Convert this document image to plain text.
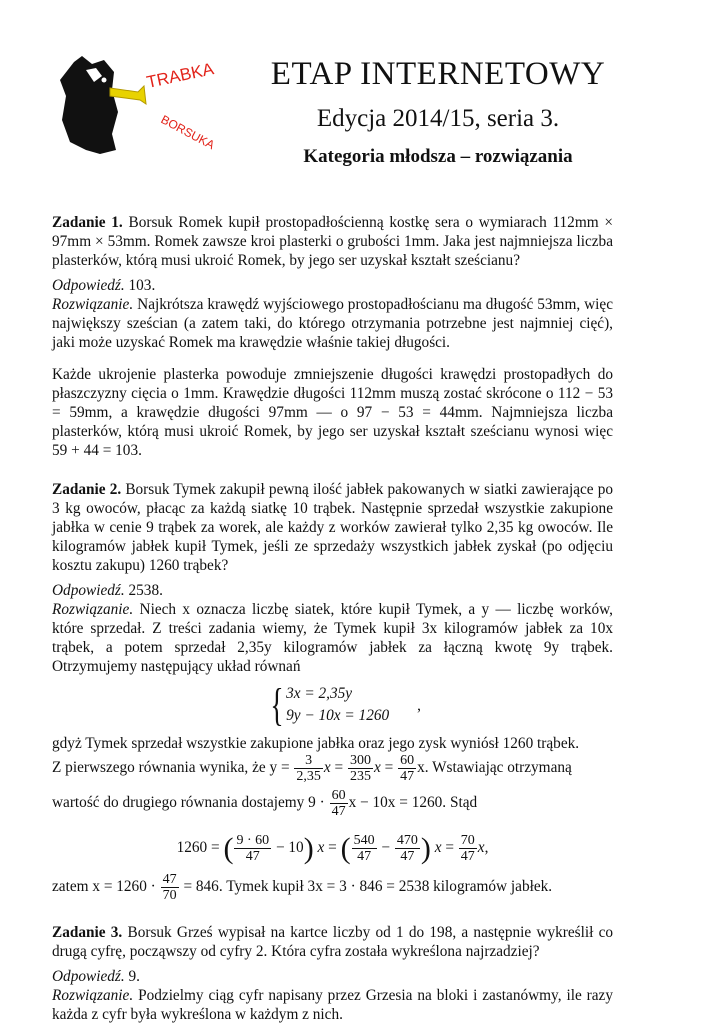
TRABKA
BORSUKA
ETAP INTERNETOWY
Edycja 2014/15, seria 3.
Kategoria młodsza – rozwiązania

Zadanie 1. Borsuk Romek kupił prostopadłościenną kostkę sera o wymiarach 112mm × 97mm × 53mm. Romek zawsze kroi plasterki o grubości 1mm. Jaka jest najmniejsza liczba plasterków, którą musi ukroić Romek, by jego ser uzyskał kształt sześcianu?

Odpowiedź. 103.

Rozwiązanie. Najkrótsza krawędź wyjściowego prostopadłościanu ma długość 53mm, więc największy sześcian (a zatem taki, do którego otrzymania potrzebne jest najmniej cięć), jaki może uzyskać Romek ma krawędzie właśnie takiej długości.

Każde ukrojenie plasterka powoduje zmniejszenie długości krawędzi prostopadłych do płaszczyzny cięcia o 1mm. Krawędzie długości 112mm muszą zostać skrócone o 112 − 53 = 59mm, a krawędzie długości 97mm — o 97 − 53 = 44mm. Najmniejsza liczba plasterków, którą musi ukroić Romek, by jego ser uzyskał kształt sześcianu wynosi więc 59 + 44 = 103.

Zadanie 2. Borsuk Tymek zakupił pewną ilość jabłek pakowanych w siatki zawierające po 3 kg owoców, płacąc za każdą siatkę 10 trąbek. Następnie sprzedał wszystkie zakupione jabłka w cenie 9 trąbek za worek, ale każdy z worków zawierał tylko 2,35 kg owoców. Ile kilogramów jabłek kupił Tymek, jeśli ze sprzedaży wszystkich jabłek zyskał (po odjęciu kosztu zakupu) 1260 trąbek?

Odpowiedź. 2538.

Rozwiązanie. Niech x oznacza liczbę siatek, które kupił Tymek, a y — liczbę worków, które sprzedał. Z treści zadania wiemy, że Tymek kupił 3x kilogramów jabłek za 10x trąbek, a potem sprzedał 2,35y kilogramów jabłek za łączną kwotę 9y trąbek. Otrzymujemy następujący układ równań

{ 3x = 2,35y
9y − 10x = 1260
,

gdyż Tymek sprzedał wszystkie zakupione jabłka oraz jego zysk wyniósł 1260 trąbek.

Z pierwszego równania wynika, że $y = \frac{3}{2,35}$ $x = \frac{300}{235}$ $x = \frac{60}{47} x$. Wstawiając otrzymaną
wartość do drugiego równania dostajemy $9 \cdot \frac{60}{47}$ x − 10x = 1260. Stąd
1260 = ( $\frac{9 \cdot 60}{47} - 10$) x = ( $\frac{540}{47} - \frac{470}{47}$ ) $x = \frac{70}{47} x$,
zatem $x = 1260 \cdot \frac{47}{70} = 846$. Tymek kupił 3x = 3 · 846 = 2538 kilogramów jabłek.

Zadanie 3. Borsuk Grześ wypisał na kartce liczby od 1 do 198, a następnie wykreślił co drugą cyfrę, począwszy od cyfry 2. Która cyfra została wykreślona najrzadziej?

Odpowiedź. 9.

Rozwiązanie. Podzielmy ciąg cyfr napisany przez Grzesia na bloki i zastanówmy, ile razy każda z cyfr była wykreślona w każdym z nich.
